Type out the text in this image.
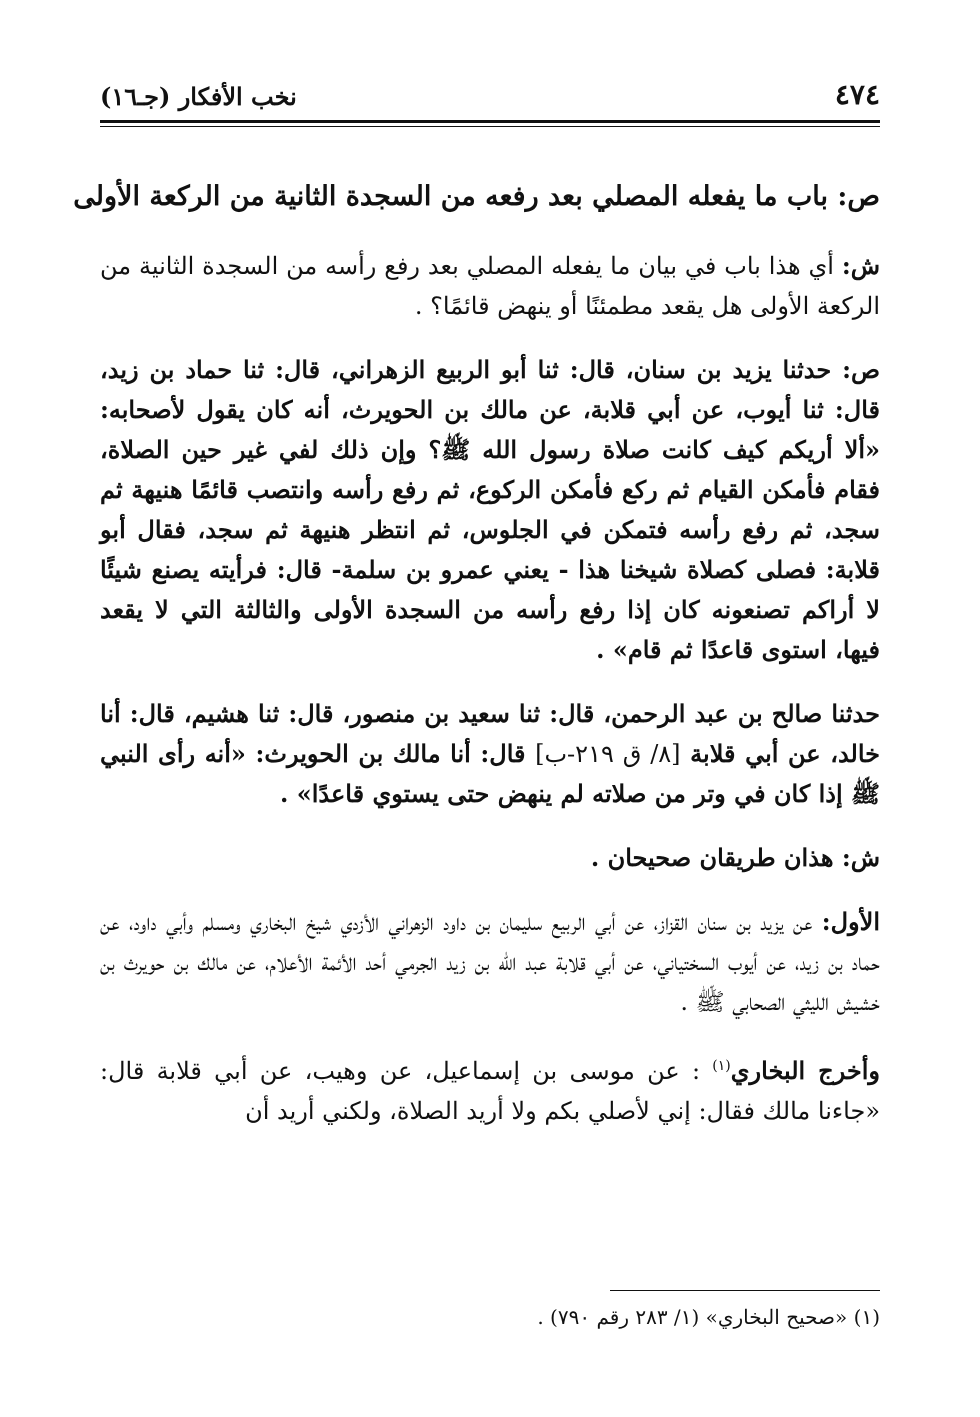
٤٧٤
نخب الأفكار (جـ١٦)
ص: باب ما يفعله المصلي بعد رفعه من السجدة الثانية من الركعة الأولى

ش: أي هذا باب في بيان ما يفعله المصلي بعد رفع رأسه من السجدة الثانية من الركعة الأولى هل يقعد مطمئنًا أو ينهض قائمًا؟ .

ص: حدثنا يزيد بن سنان، قال: ثنا أبو الربيع الزهراني، قال: ثنا حماد بن زيد، قال: ثنا أيوب، عن أبي قلابة، عن مالك بن الحويرث، أنه كان يقول لأصحابه: «ألا أريكم كيف كانت صلاة رسول الله ﷺ؟ وإن ذلك لفي غير حين الصلاة، فقام فأمكن القيام ثم ركع فأمكن الركوع، ثم رفع رأسه وانتصب قائمًا هنيهة ثم سجد، ثم رفع رأسه فتمكن في الجلوس، ثم انتظر هنيهة ثم سجد، فقال أبو قلابة: فصلى كصلاة شيخنا هذا - يعني عمرو بن سلمة- قال: فرأيته يصنع شيئًا لا أراكم تصنعونه كان إذا رفع رأسه من السجدة الأولى والثالثة التي لا يقعد فيها، استوى قاعدًا ثم قام» .

حدثنا صالح بن عبد الرحمن، قال: ثنا سعيد بن منصور، قال: ثنا هشيم، قال: أنا خالد، عن أبي قلابة [٨/ ق ٢١٩-ب] قال: أنا مالك بن الحويرث: «أنه رأى النبي ﷺ إذا كان في وتر من صلاته لم ينهض حتى يستوي قاعدًا» .

ش: هذان طريقان صحيحان .

الأول: عن يزيد بن سنان القزاز، عن أبي الربيع سليمان بن داود الزهراني الأزدي شيخ البخاري ومسلم وأبي داود، عن حماد بن زيد، عن أيوب السختياني، عن أبي قلابة عبد الله بن زيد الجرمي أحد الأئمة الأعلام، عن مالك بن حويرث بن خشيش الليثي الصحابي ﷺ .

وأخرج البخاري$^{(١)}$ : عن موسى بن إسماعيل، عن وهيب، عن أبي قلابة قال: «جاءنا مالك فقال: إني لأصلي بكم ولا أريد الصلاة، ولكني أريد أن

(١) «صحيح البخاري» (١/ ٢٨٣ رقم ٧٩٠) .
